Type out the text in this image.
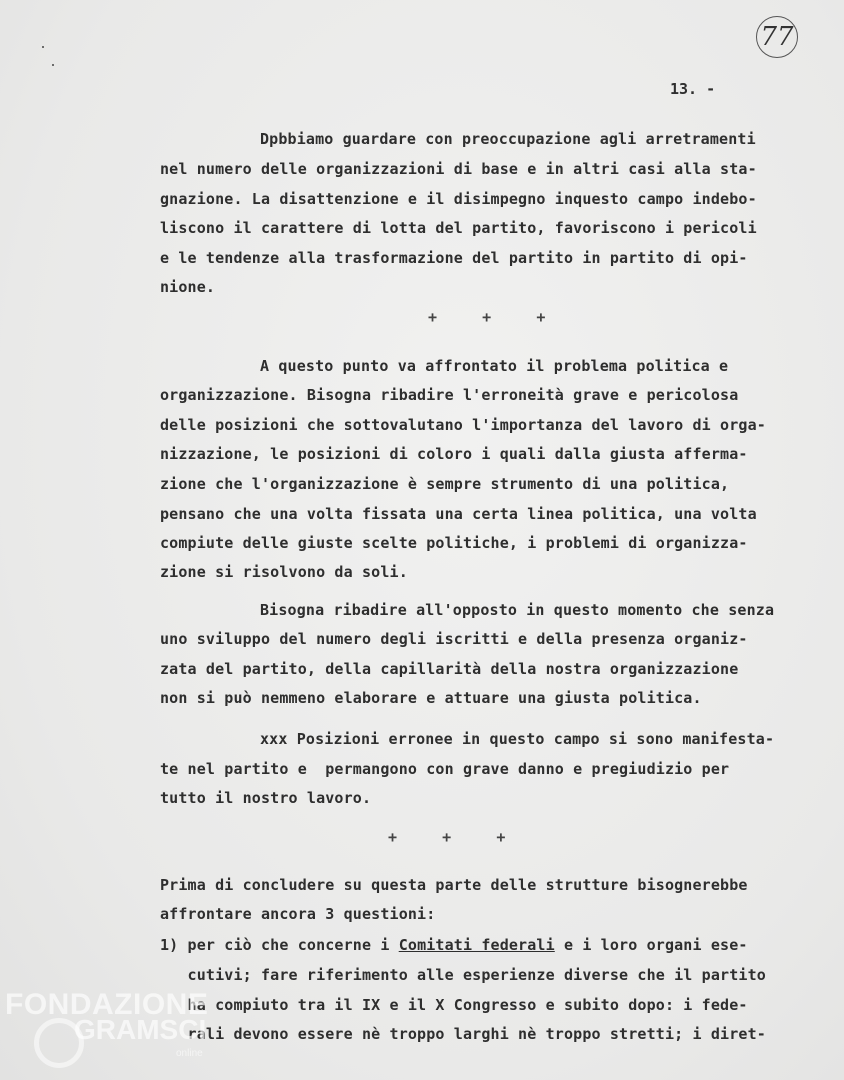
77
13. -
Dpbbiamo guardare con preoccupazione agli arretramenti
nel numero delle organizzazioni di base e in altri casi alla sta-
gnazione. La disattenzione e il disimpegno inquesto campo indebo-
liscono il carattere di lotta del partito, favoriscono i pericoli
e le tendenze alla trasformazione del partito in partito di opi-
nione.
+     +     +
A questo punto va affrontato il problema politica e
organizzazione. Bisogna ribadire l'erroneità grave e pericolosa
delle posizioni che sottovalutano l'importanza del lavoro di orga-
nizzazione, le posizioni di coloro i quali dalla giusta afferma-
zione che l'organizzazione è sempre strumento di una politica,
pensano che una volta fissata una certa linea politica, una volta
compiute delle giuste scelte politiche, i problemi di organizza-
zione si risolvono da soli.
Bisogna ribadire all'opposto in questo momento che senza
uno sviluppo del numero degli iscritti e della presenza organiz-
zata del partito, della capillarità della nostra organizzazione
non si può nemmeno elaborare e attuare una giusta politica.
xxx Posizioni erronee in questo campo si sono manifesta-
te nel partito e  permangono con grave danno e pregiudizio per
tutto il nostro lavoro.
+     +     +
Prima di concludere su questa parte delle strutture bisognerebbe
affrontare ancora 3 questioni:
1) per ciò che concerne i Comitati federali e i loro organi ese-
cutivi; fare riferimento alle esperienze diverse che il partito
ha compiuto tra il IX e il X Congresso e subito dopo: i fede-
rali devono essere nè troppo larghi nè troppo stretti; i diret-
FONDAZIONE
GRAMSCI
online
